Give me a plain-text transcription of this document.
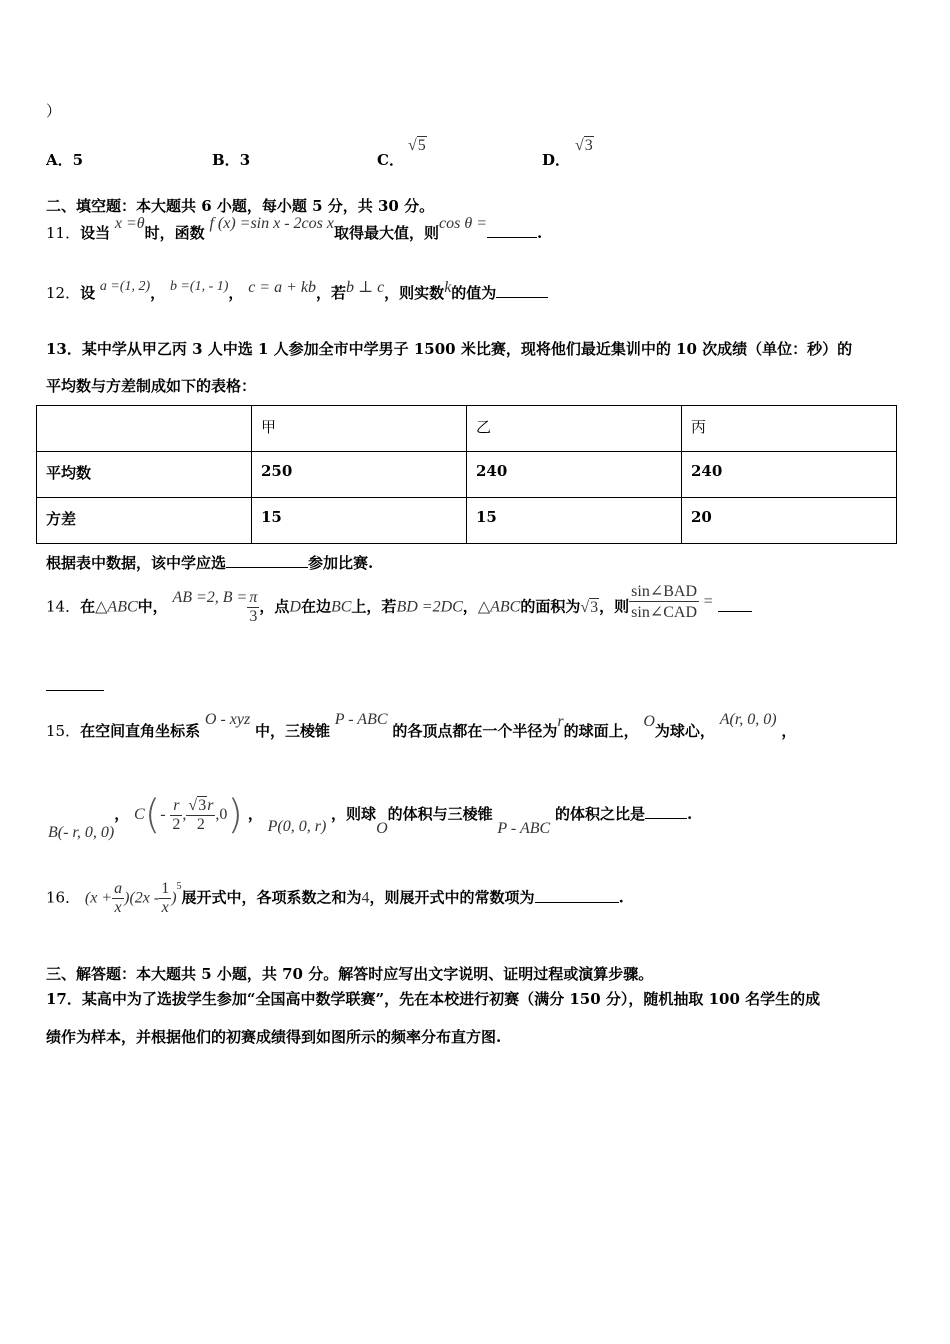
）
A．5	B．3	C．
√5
D．
√3
二、填空题：本大题共 6 小题，每小题 5 分，共 30 分。
11．设当 x =θ时，函数 f (x) =sin x - 2cos x取得最大值，则cos θ =.
12．设 a =(1, 2)， b =(1, - 1)， c = a + kb，若b ⊥ c，则实数k的值为
13．某中学从甲乙丙 3 人中选 1 人参加全市中学男子 1500 米比赛，现将他们最近集训中的 10 次成绩（单位：秒）的
平均数与方差制成如下的表格：
	甲	乙	丙
平均数	250	240	240
方差	15	15	20
根据表中数据，该中学应选	参加比赛.
14．在△ABC中， AB =2, $B = \frac{\pi}{3}$ ，点D在边BC上，若BD =2DC，△ABC的面积为√3，则 $\frac{\text{sin∠BAD}}{\text{sin∠CAD}}$ =
15．在空间直角坐标系 O - xyz 中，三棱锥 P - ABC 的各顶点都在一个半径为r的球面上， O为球心， A(r, 0, 0) ，
B(- r, 0, 0)， $C(- \frac{r}{2}$ , $\frac{√3r}{2} ,0$) ， P(0, 0, r) ，则球O的体积与三棱锥 P - ABC 的体积之比是	.
16． $(x + \frac{a}{x} )(2x - \frac{1}{x} )^5$展开式中，各项系数之和为4，则展开式中的常数项为	.
三、解答题：本大题共 5 小题，共 70 分。解答时应写出文字说明、证明过程或演算步骤。
17．某高中为了选拔学生参加“全国高中数学联赛”，先在本校进行初赛（满分 150 分），随机抽取 100 名学生的成
绩作为样本，并根据他们的初赛成绩得到如图所示的频率分布直方图.
